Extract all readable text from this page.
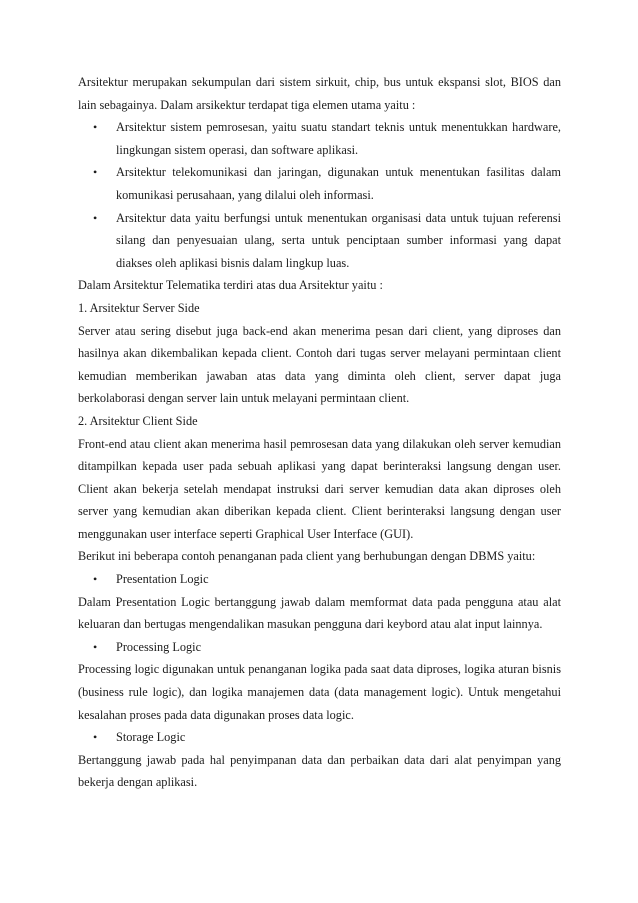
Arsitektur merupakan sekumpulan dari sistem sirkuit, chip, bus untuk ekspansi slot, BIOS dan lain sebagainya. Dalam arsikektur terdapat tiga elemen utama yaitu :

• Arsitektur sistem pemrosesan, yaitu suatu standart teknis untuk menentukkan hardware, lingkungan sistem operasi, dan software aplikasi.
• Arsitektur telekomunikasi dan jaringan, digunakan untuk menentukan fasilitas dalam komunikasi perusahaan, yang dilalui oleh informasi.
• Arsitektur data yaitu berfungsi untuk menentukan organisasi data untuk tujuan referensi silang dan penyesuaian ulang, serta untuk penciptaan sumber informasi yang dapat diakses oleh aplikasi bisnis dalam lingkup luas.

Dalam Arsitektur Telematika terdiri atas dua Arsitektur yaitu :

1. Arsitektur Server Side

Server atau sering disebut juga back-end akan menerima pesan dari client, yang diproses dan hasilnya akan dikembalikan kepada client. Contoh dari tugas server melayani permintaan client kemudian memberikan jawaban atas data yang diminta oleh client, server dapat juga berkolaborasi dengan server lain untuk melayani permintaan client.

2. Arsitektur Client Side

Front-end atau client akan menerima hasil pemrosesan data yang dilakukan oleh server kemudian ditampilkan kepada user pada sebuah aplikasi yang dapat berinteraksi langsung dengan user. Client akan bekerja setelah mendapat instruksi dari server kemudian data akan diproses oleh server yang kemudian akan diberikan kepada client. Client berinteraksi langsung dengan user menggunakan user interface seperti Graphical User Interface (GUI).

Berikut ini beberapa contoh penanganan pada client yang berhubungan dengan DBMS yaitu:

• Presentation Logic

Dalam Presentation Logic bertanggung jawab dalam memformat data pada pengguna atau alat keluaran dan bertugas mengendalikan masukan pengguna dari keybord atau alat input lainnya.

• Processing Logic

Processing logic digunakan untuk penanganan logika pada saat data diproses, logika aturan bisnis (business rule logic), dan logika manajemen data (data management logic). Untuk mengetahui kesalahan proses pada data digunakan proses data logic.

• Storage Logic

Bertanggung jawab pada hal penyimpanan data dan perbaikan data dari alat penyimpan yang bekerja dengan aplikasi.
